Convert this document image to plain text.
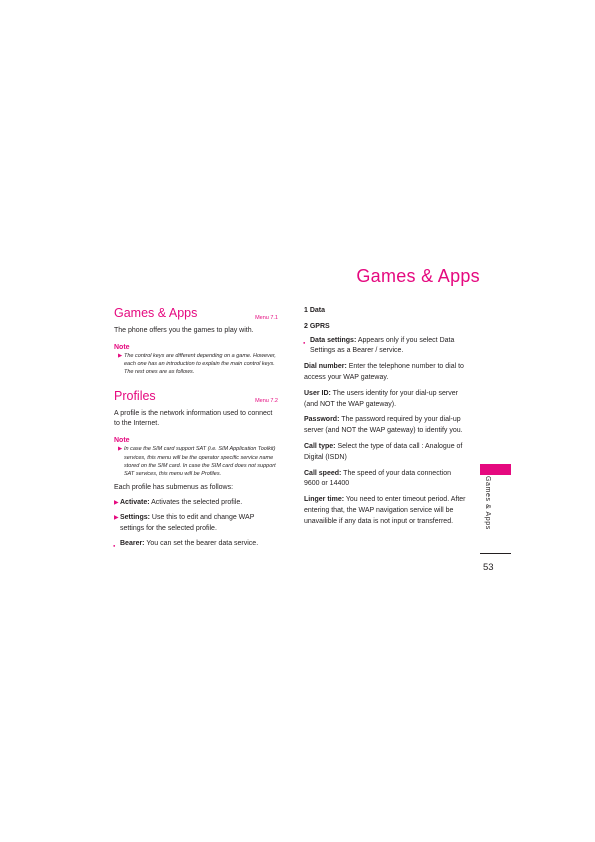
Games & Apps
Games & Apps	Menu 7.1

The phone offers you the games to play with.

Note
▶ The control keys are different depending on a game. However, each one has an introduction to explain the main control keys. The rest ones are as follows.
Profiles	Menu 7.2

A profile is the network information used to connect to the Internet.

Note
▶ In case the SIM card support SAT (i.e. SIM Application Toolkit) services, this menu will be the operator specific service name stored on the SIM card. In case the SIM card does not support SAT services, this menu will be Profiles.

Each profile has submenus as follows:

▶ Activate: Activates the selected profile.
▶ Settings: Use this to edit and change WAP settings for the selected profile.
● Bearer: You can set the bearer data service.

1 Data

2 GPRS

● Data settings: Appears only if you select Data Settings as a Bearer / service.

Dial number: Enter the telephone number to dial to access your WAP gateway.

User ID: The users identity for your dial-up server (and NOT the WAP gateway).

Password: The password required by your dial-up server (and NOT the WAP gateway) to identify you.

Call type: Select the type of data call : Analogue of Digital (ISDN)

Call speed: The speed of your data connection 9600 or 14400

Linger time: You need to enter timeout period. After entering that, the WAP navigation service will be unavailible if any data is not input or transferred.	Games & Apps
53
